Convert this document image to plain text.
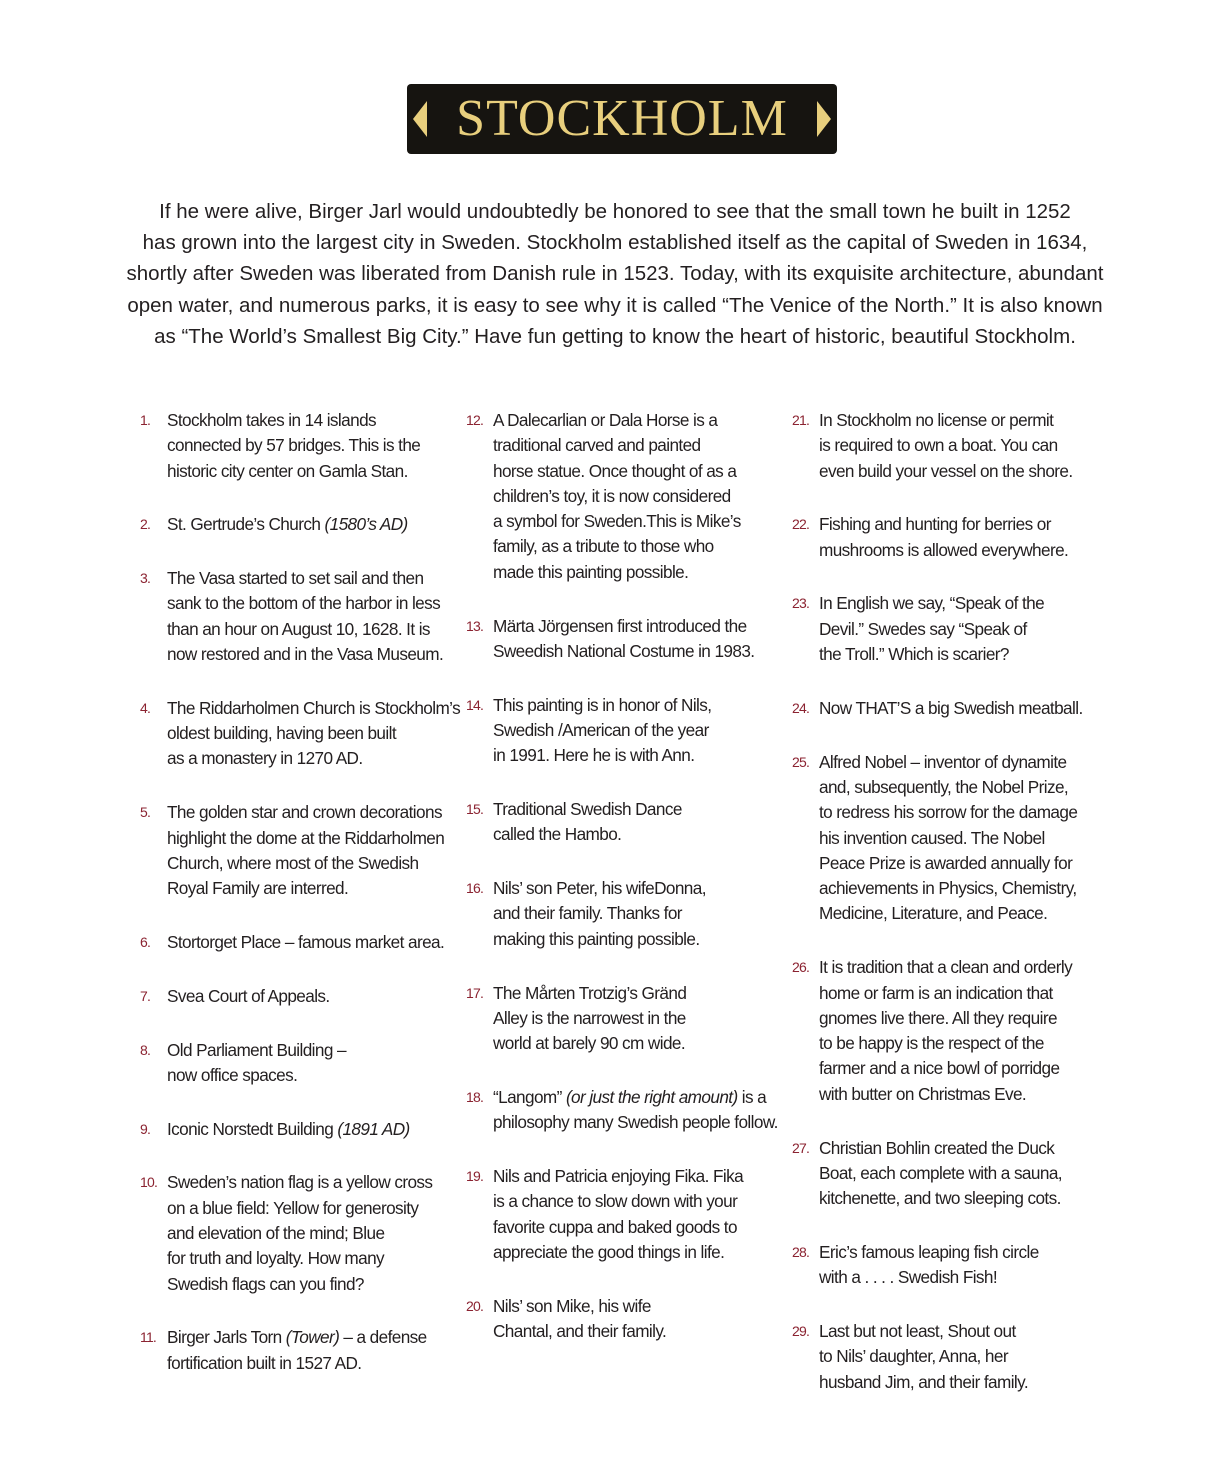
STOCKHOLM

If he were alive, Birger Jarl would undoubtedly be honored to see that the small town he built in 1252

has grown into the largest city in Sweden. Stockholm established itself as the capital of Sweden in 1634,

shortly after Sweden was liberated from Danish rule in 1523. Today, with its exquisite architecture, abundant

open water, and numerous parks, it is easy to see why it is called “The Venice of the North.” It is also known

as “The World’s Smallest Big City.” Have fun getting to know the heart of historic, beautiful Stockholm.

1. Stockholm takes in 14 islands
connected by 57 bridges. This is the
historic city center on Gamla Stan.
2. St. Gertrude’s Church (1580’s AD)
3. The Vasa started to set sail and then
sank to the bottom of the harbor in less
than an hour on August 10, 1628. It is
now restored and in the Vasa Museum.
4. The Riddarholmen Church is Stockholm’s
oldest building, having been built
as a monastery in 1270 AD.
5. The golden star and crown decorations
highlight the dome at the Riddarholmen
Church, where most of the Swedish
Royal Family are interred.
6. Stortorget Place – famous market area.
7. Svea Court of Appeals.
8. Old Parliament Building –
now office spaces.
9. Iconic Norstedt Building (1891 AD)
10. Sweden’s nation flag is a yellow cross
on a blue field: Yellow for generosity
and elevation of the mind; Blue
for truth and loyalty. How many
Swedish flags can you find?
11. Birger Jarls Torn (Tower) – a defense
fortification built in 1527 AD.
12. A Dalecarlian or Dala Horse is a
traditional carved and painted
horse statue. Once thought of as a
children’s toy, it is now considered
a symbol for Sweden.This is Mike’s
family, as a tribute to those who
made this painting possible.
13. Märta Jörgensen first introduced the
Sweedish National Costume in 1983.
14. This painting is in honor of Nils,
Swedish /American of the year
in 1991. Here he is with Ann.
15. Traditional Swedish Dance
called the Hambo.
16. Nils’ son Peter, his wifeDonna,
and their family. Thanks for
making this painting possible.
17. The Mårten Trotzig’s Gränd
Alley is the narrowest in the
world at barely 90 cm wide.
18. “Langom” (or just the right amount) is a
philosophy many Swedish people follow.
19. Nils and Patricia enjoying Fika. Fika
is a chance to slow down with your
favorite cuppa and baked goods to
appreciate the good things in life.
20. Nils’ son Mike, his wife
Chantal, and their family.
21. In Stockholm no license or permit
is required to own a boat. You can
even build your vessel on the shore.
22. Fishing and hunting for berries or
mushrooms is allowed everywhere.
23. In English we say, “Speak of the
Devil.” Swedes say “Speak of
the Troll.” Which is scarier?
24. Now THAT’S a big Swedish meatball.
25. Alfred Nobel – inventor of dynamite
and, subsequently, the Nobel Prize,
to redress his sorrow for the damage
his invention caused. The Nobel
Peace Prize is awarded annually for
achievements in Physics, Chemistry,
Medicine, Literature, and Peace.
26. It is tradition that a clean and orderly
home or farm is an indication that
gnomes live there. All they require
to be happy is the respect of the
farmer and a nice bowl of porridge
with butter on Christmas Eve.
27. Christian Bohlin created the Duck
Boat, each complete with a sauna,
kitchenette, and two sleeping cots.
28. Eric’s famous leaping fish circle
with a . . . . Swedish Fish!
29. Last but not least, Shout out
to Nils’ daughter, Anna, her
husband Jim, and their family.
